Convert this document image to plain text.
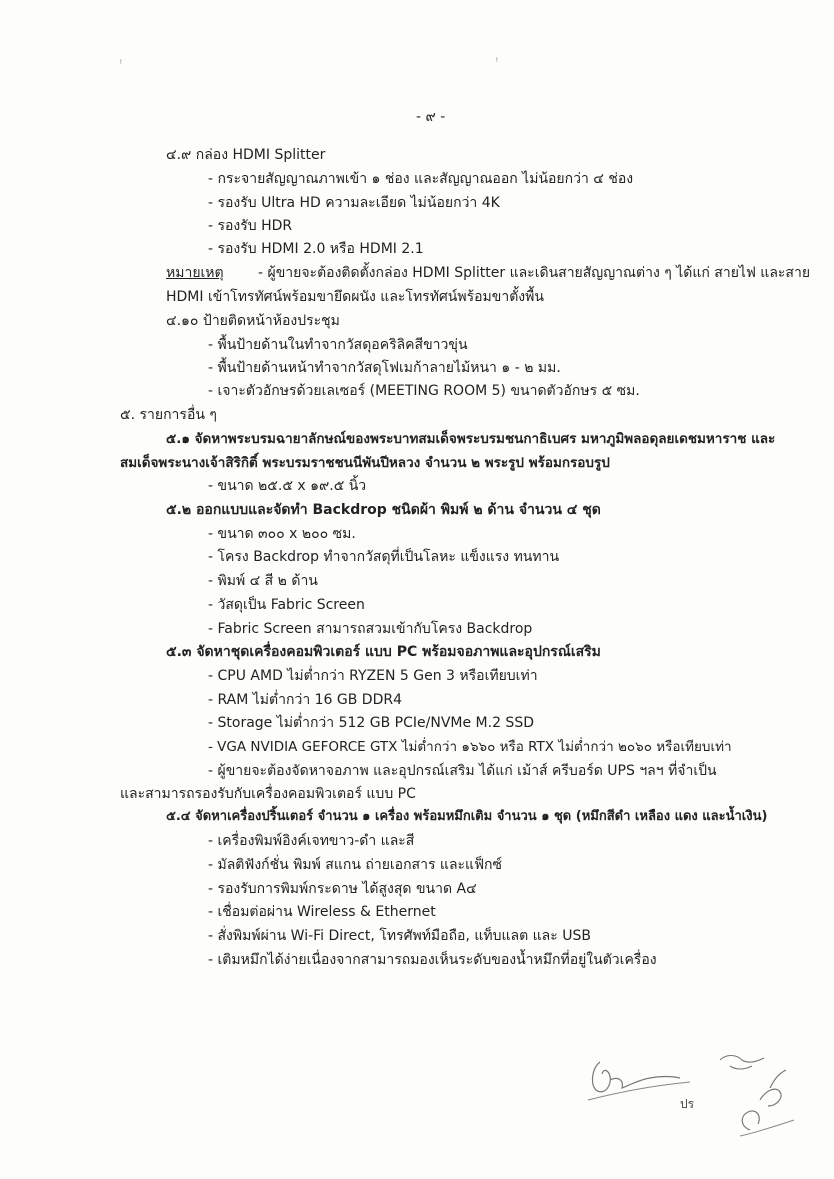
ᵎ	ᵎ
- ๙ -
๔.๙ กล่อง HDMI Splitter
- กระจายสัญญาณภาพเข้า ๑ ช่อง และสัญญาณออก ไม่น้อยกว่า ๔ ช่อง
- รองรับ Ultra HD ความละเอียด ไม่น้อยกว่า 4K
- รองรับ HDR
- รองรับ HDMI 2.0 หรือ HDMI 2.1
หมายเหตุ - ผู้ขายจะต้องติดตั้งกล่อง HDMI Splitter และเดินสายสัญญาณต่าง ๆ ได้แก่ สายไฟ และสาย
HDMI เข้าโทรทัศน์พร้อมขายึดผนัง และโทรทัศน์พร้อมขาตั้งพื้น
๔.๑๐ ป้ายติดหน้าห้องประชุม
- พื้นป้ายด้านในทำจากวัสดุอคริลิคสีขาวขุ่น
- พื้นป้ายด้านหน้าทำจากวัสดุโฟเมก้าลายไม้หนา ๑ - ๒ มม.
- เจาะตัวอักษรด้วยเลเซอร์ (MEETING ROOM 5) ขนาดตัวอักษร ๕ ซม.
๕. รายการอื่น ๆ
๕.๑ จัดหาพระบรมฉายาลักษณ์ของพระบาทสมเด็จพระบรมชนกาธิเบศร มหาภูมิพลอดุลยเดชมหาราช และ
สมเด็จพระนางเจ้าสิริกิติ์ พระบรมราชชนนีพันปีหลวง จำนวน ๒ พระรูป พร้อมกรอบรูป
- ขนาด ๒๕.๕ x ๑๙.๕ นิ้ว
๕.๒ ออกแบบและจัดทำ Backdrop ชนิดผ้า พิมพ์ ๒ ด้าน จำนวน ๔ ชุด
- ขนาด ๓๐๐ x ๒๐๐ ซม.
- โครง Backdrop ทำจากวัสดุที่เป็นโลหะ แข็งแรง ทนทาน
- พิมพ์ ๔ สี ๒ ด้าน
- วัสดุเป็น Fabric Screen
- Fabric Screen สามารถสวมเข้ากับโครง Backdrop
๕.๓ จัดหาชุดเครื่องคอมพิวเตอร์ แบบ PC พร้อมจอภาพและอุปกรณ์เสริม
- CPU AMD ไม่ต่ำกว่า RYZEN 5 Gen 3 หรือเทียบเท่า
- RAM ไม่ต่ำกว่า 16 GB DDR4
- Storage ไม่ต่ำกว่า 512 GB PCIe/NVMe M.2 SSD
- VGA NVIDIA GEFORCE GTX ไม่ต่ำกว่า ๑๖๖๐ หรือ RTX ไม่ต่ำกว่า ๒๐๖๐ หรือเทียบเท่า
- ผู้ขายจะต้องจัดหาจอภาพ และอุปกรณ์เสริม ได้แก่ เม้าส์ ครีบอร์ด UPS ฯลฯ ที่จำเป็น
และสามารถรองรับกับเครื่องคอมพิวเตอร์ แบบ PC
๕.๔ จัดหาเครื่องปริ้นเตอร์ จำนวน ๑ เครื่อง พร้อมหมึกเติม จำนวน ๑ ชุด (หมึกสีดำ เหลือง แดง และน้ำเงิน)
- เครื่องพิมพ์อิงค์เจทขาว-ดำ และสี
- มัลติฟังก์ชั่น พิมพ์ สแกน ถ่ายเอกสาร และแฟ็กซ์
- รองรับการพิมพ์กระดาษ ได้สูงสุด ขนาด A๔
- เชื่อมต่อผ่าน Wireless & Ethernet
- สั่งพิมพ์ผ่าน Wi-Fi Direct, โทรศัพท์มือถือ, แท็บแลต และ USB
- เติมหมึกได้ง่ายเนื่องจากสามารถมองเห็นระดับของน้ำหมึกที่อยู่ในตัวเครื่อง
ปร
